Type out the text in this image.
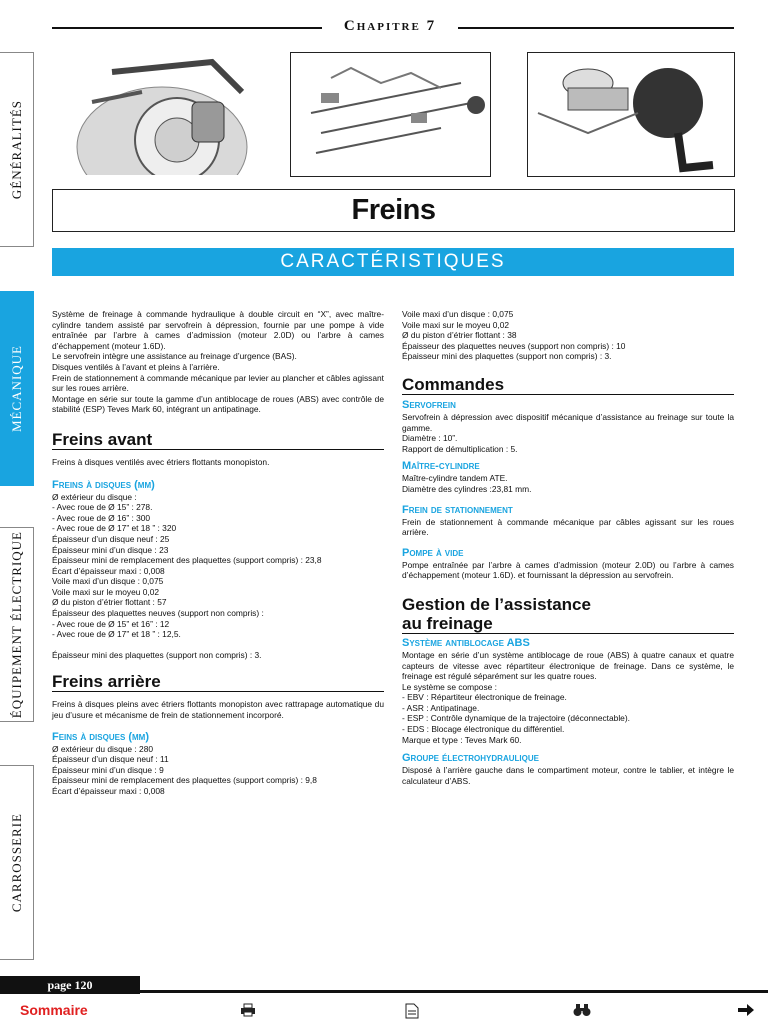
Chapitre 7
Freins
CARACTÉRISTIQUES
GÉNÉRALITÉS
MÉCANIQUE
ÉQUIPEMENT ÉLECTRIQUE
CARROSSERIE

Système de freinage à commande hydraulique à double circuit en “X”, avec maître-cylindre tandem assisté par servofrein à dépression, fournie par une pompe à vide entraînée par l’arbre à cames d’admission (moteur 2.0D) ou l’arbre à cames d’échappement (moteur 1.6D).

Le servofrein intègre une assistance au freinage d’urgence (BAS).

Disques ventilés à l’avant et pleins à l’arrière.

Frein de stationnement à commande mécanique par levier au plancher et câbles agissant sur les roues arrière.

Montage en série sur toute la gamme d’un antiblocage de roues (ABS) avec contrôle de stabilité (ESP) Teves Mark 60, intégrant un antipatinage.

Freins avant

Freins à disques ventilés avec étriers flottants monopiston.

Freins à disques (mm)

Ø extérieur du disque :

- Avec roue de Ø 15” : 278.

- Avec roue de Ø 16” : 300

- Avec roue de Ø 17” et 18 ” : 320

Épaisseur d’un disque neuf : 25

Épaisseur mini d’un disque : 23

Épaisseur mini de remplacement des plaquettes (support compris) : 23,8

Écart d’épaisseur maxi : 0,008

Voile maxi d’un disque : 0,075

Voile maxi sur le moyeu 0,02

Ø du piston d’étrier flottant : 57

Épaisseur des plaquettes neuves (support non compris) :

- Avec roue de Ø 15” et 16” : 12

- Avec roue de Ø 17” et 18 ” : 12,5.

Épaisseur mini des plaquettes (support non compris) : 3.

Freins arrière

Freins à disques pleins avec étriers flottants monopiston avec rattrapage automatique du jeu d’usure et mécanisme de frein de stationnement incorporé.

Feins à disques (mm)

Ø extérieur du disque : 280

Épaisseur d’un disque neuf : 11

Épaisseur mini d’un disque : 9

Épaisseur mini de remplacement des plaquettes (support compris) : 9,8

Écart d’épaisseur maxi : 0,008

Voile maxi d’un disque : 0,075

Voile maxi sur le moyeu 0,02

Ø du piston d’étrier flottant : 38

Épaisseur des plaquettes neuves (support non compris) : 10

Épaisseur mini des plaquettes (support non compris) : 3.

Commandes

Servofrein

Servofrein à dépression avec dispositif mécanique d’assistance au freinage sur toute la gamme.

Diamètre : 10”.

Rapport de démultiplication : 5.

Maître-cylindre

Maître-cylindre tandem ATE.

Diamètre des cylindres :23,81 mm.

Frein de stationnement

Frein de stationnement à commande mécanique par câbles agissant sur les roues arrière.

Pompe à vide

Pompe entraînée par l’arbre à cames d’admission (moteur 2.0D) ou l’arbre à cames d’échappement (moteur 1.6D). et fournissant la dépression au servofrein.

Gestion de l’assistance

au freinage

Système antiblocage ABS

Montage en série d’un système antiblocage de roue (ABS) à quatre canaux et quatre capteurs de vitesse avec répartiteur électronique de freinage. Dans ce système, le freinage est régulé séparément sur les quatre roues.

Le système se compose :

- EBV : Répartiteur électronique de freinage.

- ASR : Antipatinage.

- ESP : Contrôle dynamique de la trajectoire (déconnectable).

- EDS : Blocage électronique du différentiel.

Marque et type : Teves Mark 60.

Groupe électrohydraulique

Disposé à l’arrière gauche dans le compartiment moteur, contre le tablier, et intègre le calculateur d’ABS.

page 120
Sommaire
